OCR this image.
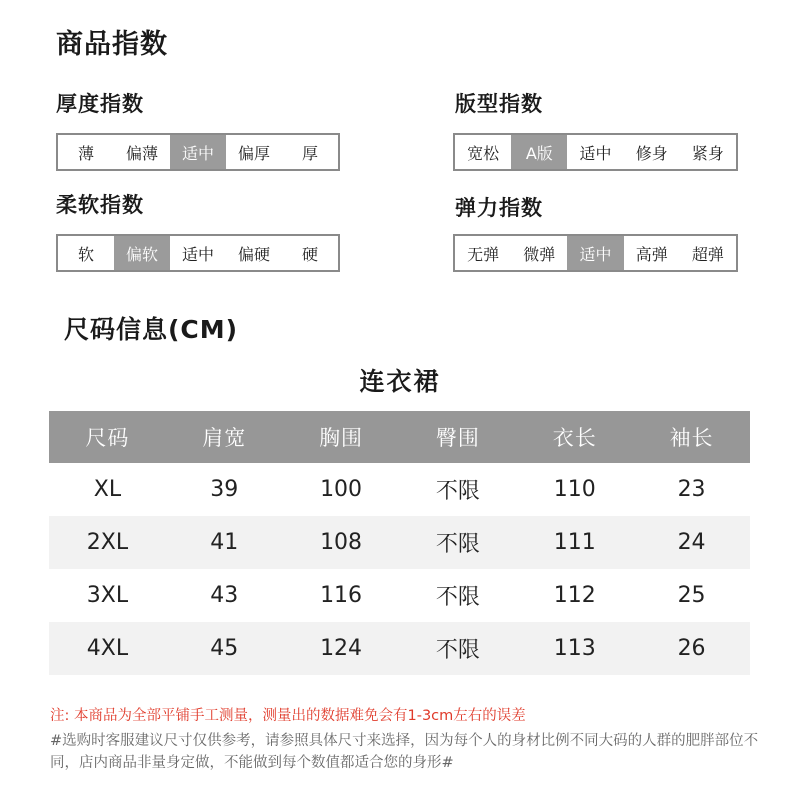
商品指数
厚度指数
薄	偏薄	适中	偏厚	厚
版型指数
宽松	A版	适中	修身	紧身
柔软指数
软	偏软	适中	偏硬	硬
弹力指数
无弹	微弹	适中	高弹	超弹
尺码信息(CM)
连衣裙
尺码	肩宽	胸围	臀围	衣长	袖长
XL	39	100	不限	110	23
2XL	41	108	不限	111	24
3XL	43	116	不限	112	25
4XL	45	124	不限	113	26
注: 本商品为全部平铺手工测量，测量出的数据难免会有1-3cm左右的误差
#选购时客服建议尺寸仅供参考，请参照具体尺寸来选择，因为每个人的身材比例不同大码的人群的肥胖部位不同，店内商品非量身定做，不能做到每个数值都适合您的身形#
